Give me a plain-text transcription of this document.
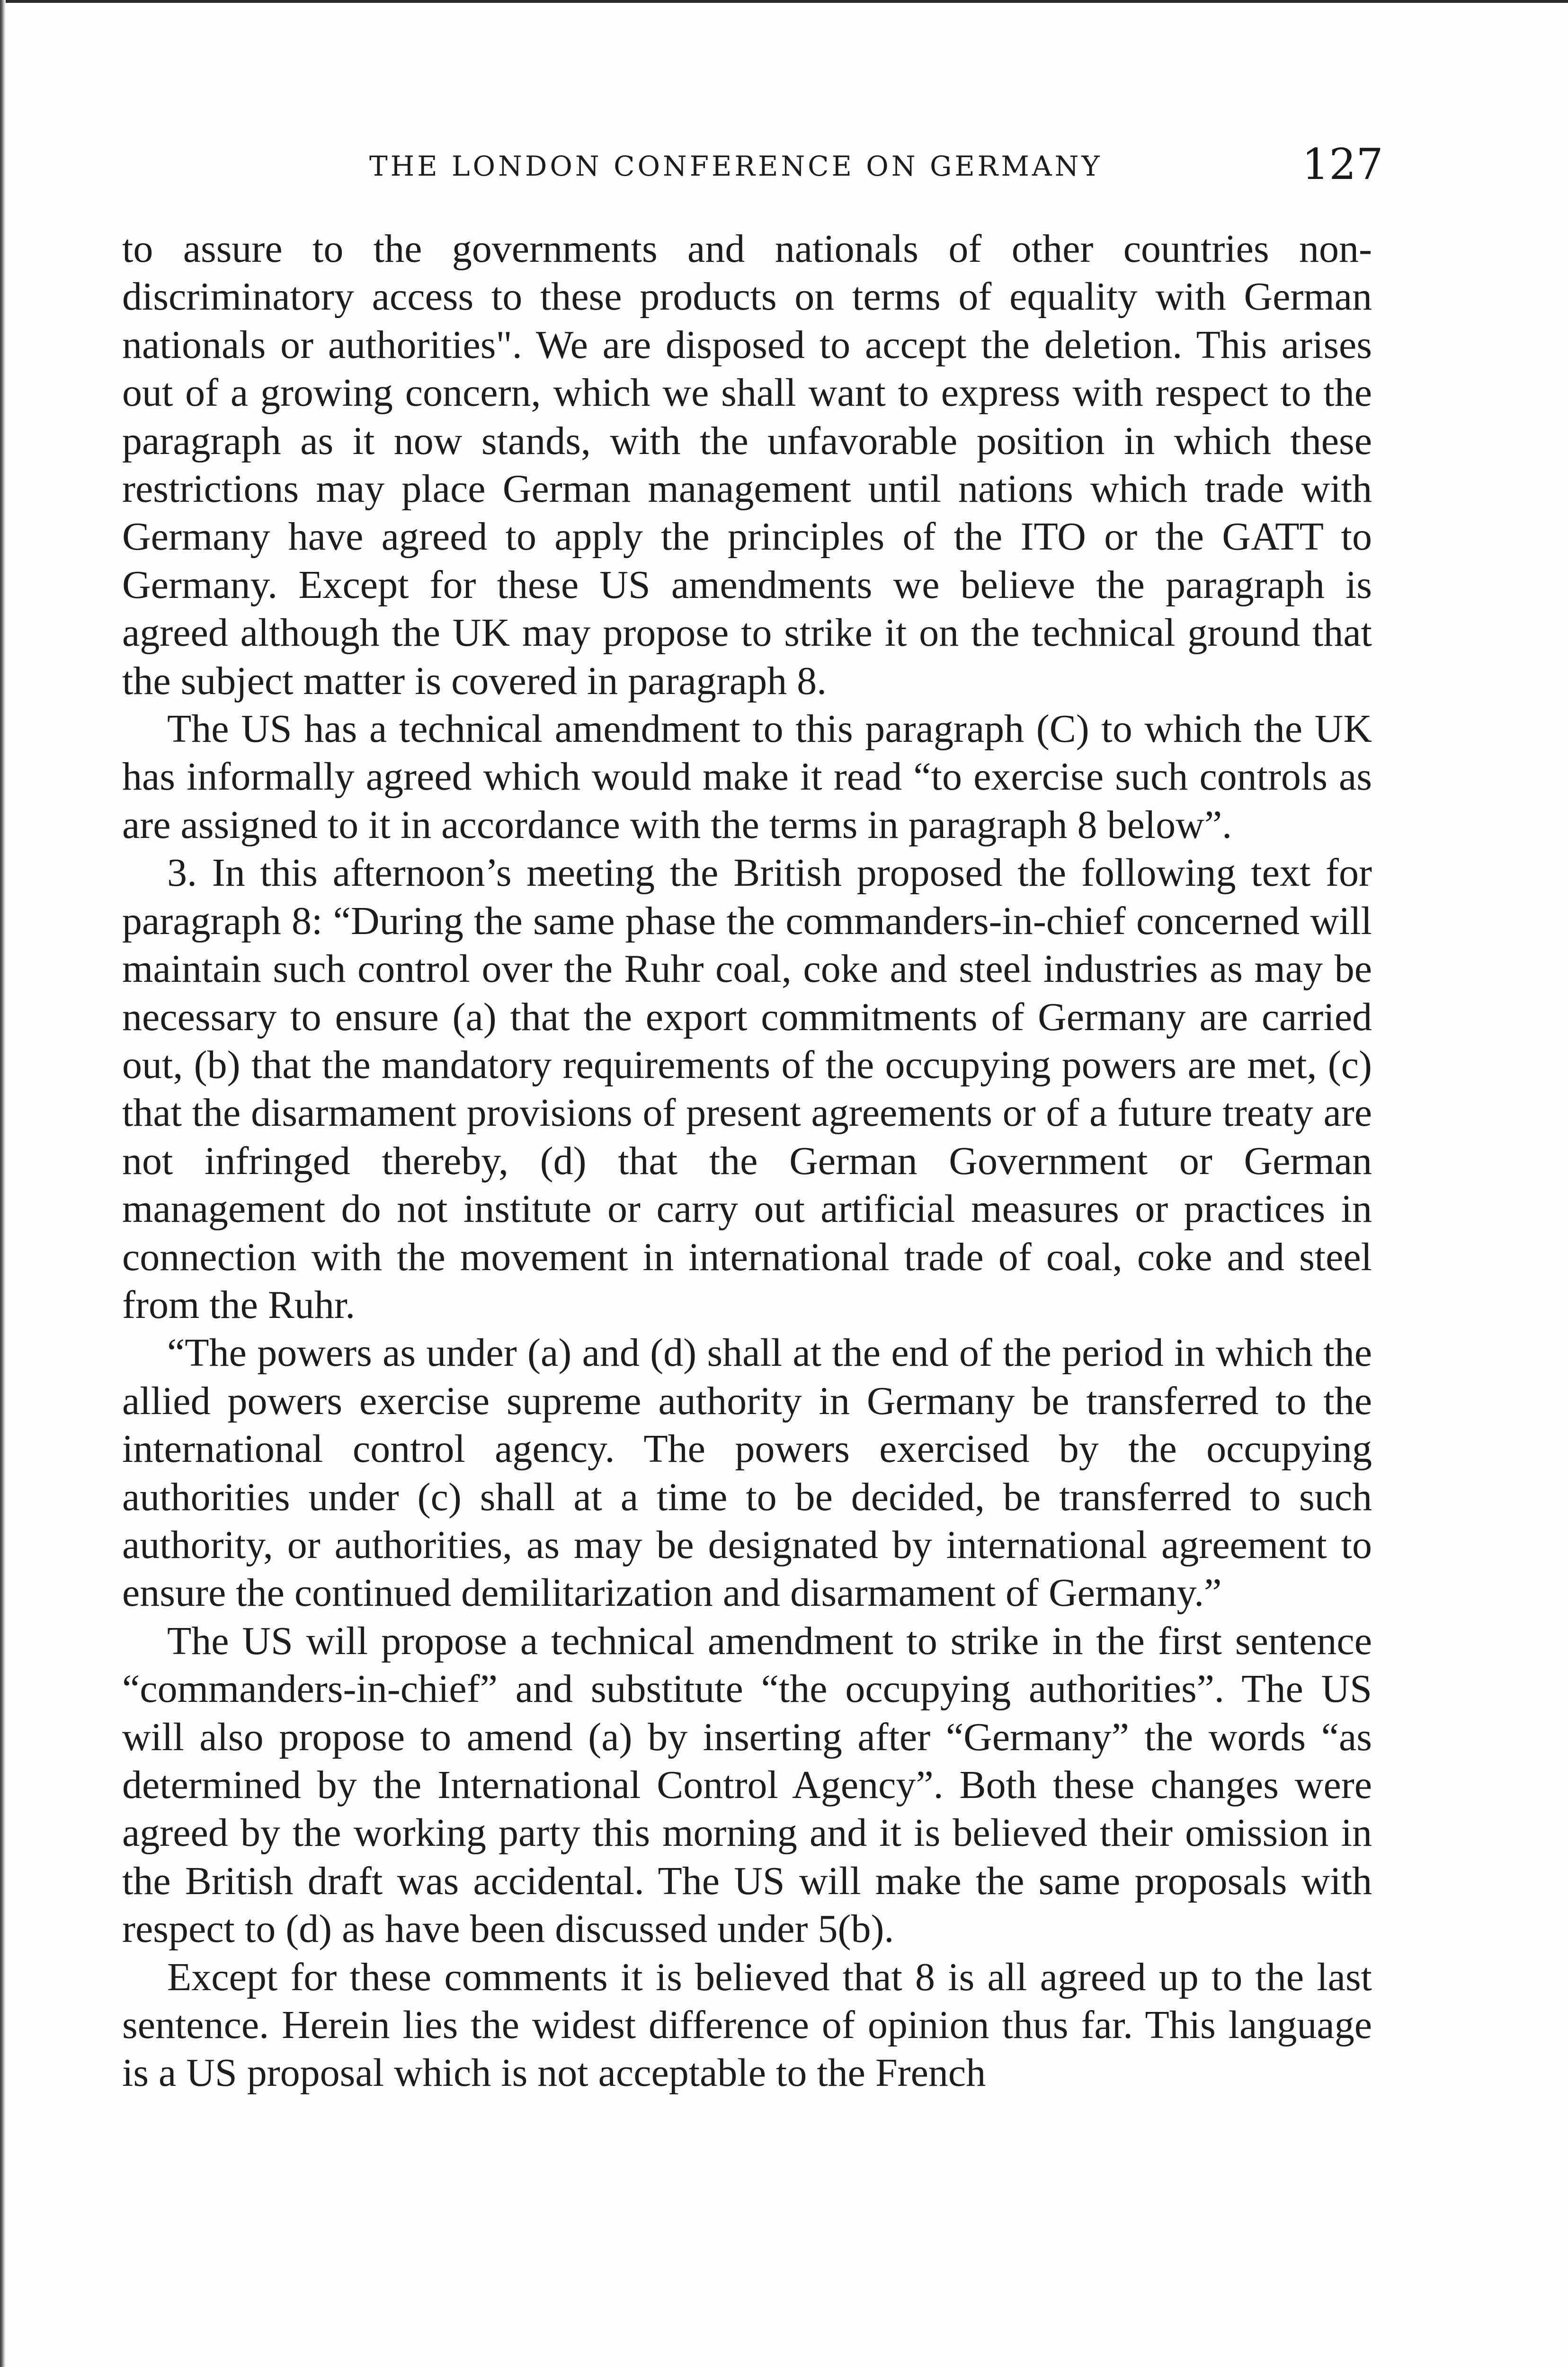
THE LONDON CONFERENCE ON GERMANY	127

to assure to the governments and nationals of other countries non-discriminatory access to these products on terms of equality with German nationals or authorities". We are disposed to accept the deletion. This arises out of a growing concern, which we shall want to express with respect to the paragraph as it now stands, with the unfavorable position in which these restrictions may place German management until nations which trade with Germany have agreed to apply the principles of the ITO or the GATT to Germany. Except for these US amendments we believe the paragraph is agreed although the UK may propose to strike it on the technical ground that the subject matter is covered in paragraph 8.

The US has a technical amendment to this paragraph (C) to which the UK has informally agreed which would make it read “to exercise such controls as are assigned to it in accordance with the terms in paragraph 8 below”.

3. In this afternoon’s meeting the British proposed the following text for paragraph 8: “During the same phase the commanders-in-chief concerned will maintain such control over the Ruhr coal, coke and steel industries as may be necessary to ensure (a) that the export commitments of Germany are carried out, (b) that the mandatory requirements of the occupying powers are met, (c) that the disarmament provisions of present agreements or of a future treaty are not infringed thereby, (d) that the German Government or German management do not institute or carry out artificial measures or practices in connection with the movement in international trade of coal, coke and steel from the Ruhr.

“The powers as under (a) and (d) shall at the end of the period in which the allied powers exercise supreme authority in Germany be transferred to the international control agency. The powers exercised by the occupying authorities under (c) shall at a time to be decided, be transferred to such authority, or authorities, as may be designated by international agreement to ensure the continued demilitarization and disarmament of Germany.”

The US will propose a technical amendment to strike in the first sentence “commanders-in-chief” and substitute “the occupying authorities”. The US will also propose to amend (a) by inserting after “Germany” the words “as determined by the International Control Agency”. Both these changes were agreed by the working party this morning and it is believed their omission in the British draft was accidental. The US will make the same proposals with respect to (d) as have been discussed under 5(b).

Except for these comments it is believed that 8 is all agreed up to the last sentence. Herein lies the widest difference of opinion thus far. This language is a US proposal which is not acceptable to the French
